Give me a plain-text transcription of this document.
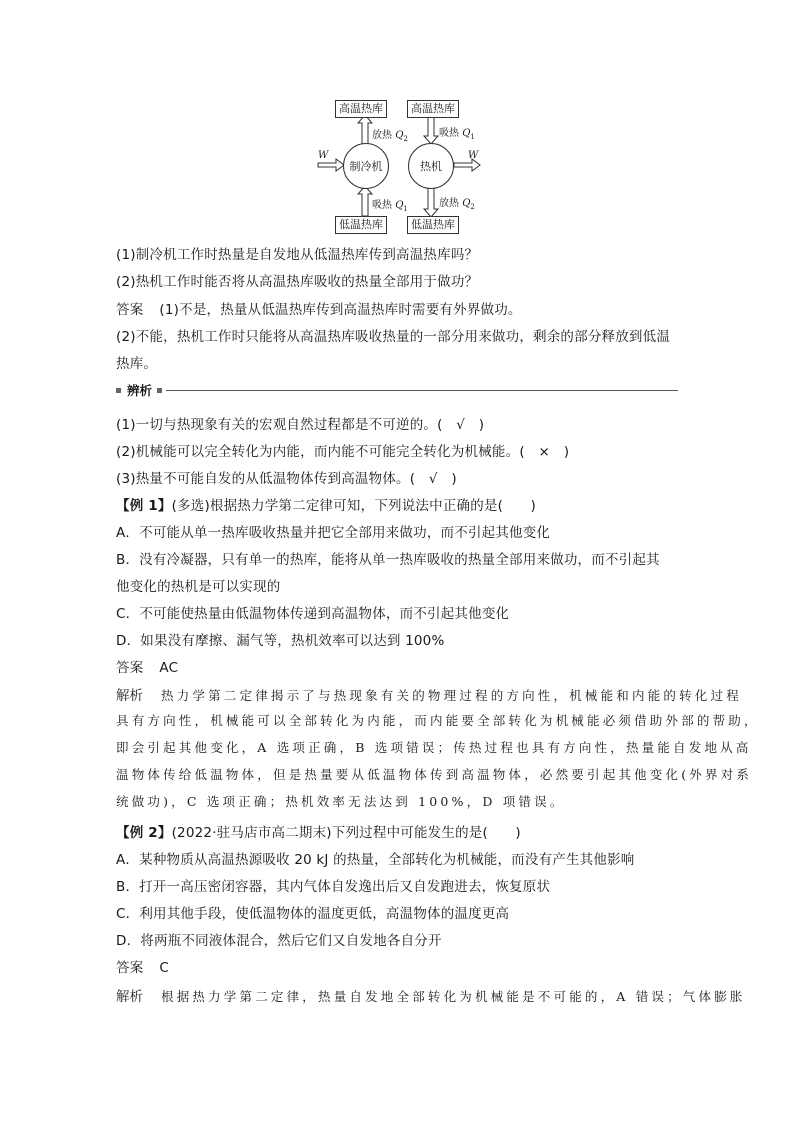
高温热库
放热 $Q_2$
W
制冷机
吸热 $Q_1$
低温热库
高温热库
吸热 $Q_1$
热机
W
放热 $Q_2$
低温热库
(1)制冷机工作时热量是自发地从低温热库传到高温热库吗？
(2)热机工作时能否将从高温热库吸收的热量全部用于做功？
答案 (1)不是，热量从低温热库传到高温热库时需要有外界做功。
(2)不能，热机工作时只能将从高温热库吸收热量的一部分用来做功，剩余的部分释放到低温
热库。
辨析
(1)一切与热现象有关的宏观自然过程都是不可逆的。(　√　)
(2)机械能可以完全转化为内能，而内能不可能完全转化为机械能。(　×　)
(3)热量不可能自发的从低温物体传到高温物体。(　√　)
【例 1】(多选)根据热力学第二定律可知，下列说法中正确的是(　　)
A．不可能从单一热库吸收热量并把它全部用来做功，而不引起其他变化
B．没有冷凝器，只有单一的热库，能将从单一热库吸收的热量全部用来做功，而不引起其
他变化的热机是可以实现的
C．不可能使热量由低温物体传递到高温物体，而不引起其他变化
D．如果没有摩擦、漏气等，热机效率可以达到 100%
答案 AC
解析 热力学第二定律揭示了与热现象有关的物理过程的方向性，机械能和内能的转化过程
具有方向性，机械能可以全部转化为内能，而内能要全部转化为机械能必须借助外部的帮助，
即会引起其他变化，A 选项正确，B 选项错误；传热过程也具有方向性，热量能自发地从高
温物体传给低温物体，但是热量要从低温物体传到高温物体，必然要引起其他变化(外界对系
统做功)，C 选项正确；热机效率无法达到 100%，D 项错误。
【例 2】(2022·驻马店市高二期末)下列过程中可能发生的是(　　)
A．某种物质从高温热源吸收 20 kJ 的热量，全部转化为机械能，而没有产生其他影响
B．打开一高压密闭容器，其内气体自发逸出后又自发跑进去，恢复原状
C．利用其他手段，使低温物体的温度更低，高温物体的温度更高
D．将两瓶不同液体混合，然后它们又自发地各自分开
答案 C
解析 根据热力学第二定律，热量自发地全部转化为机械能是不可能的，A 错误；气体膨胀
